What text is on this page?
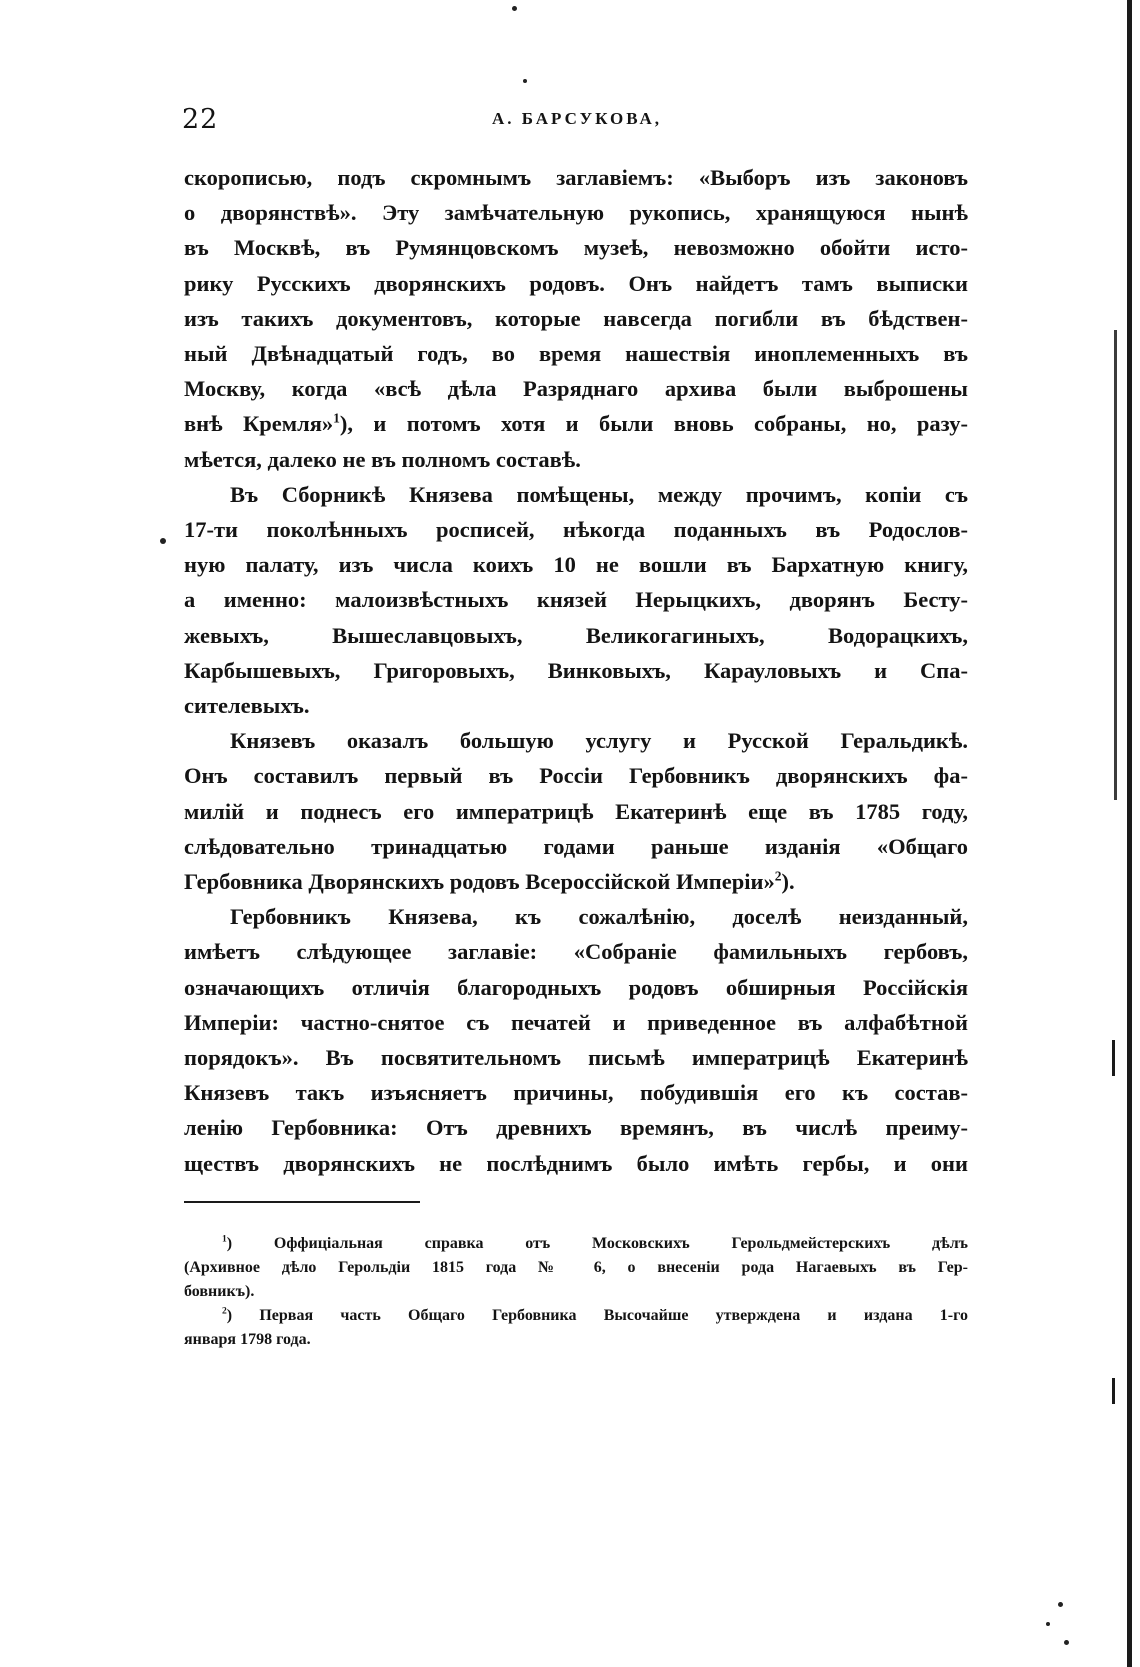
22	А. БАРСУКОВА,
скорописью, подъ скромнымъ заглавіемъ: «Выборъ изъ законовъ
о дворянствѣ». Эту замѣчательную рукопись, хранящуюся нынѣ
въ Москвѣ, въ Румянцовскомъ музеѣ, невозможно обойти исто-
рику Русскихъ дворянскихъ родовъ. Онъ найдетъ тамъ выписки
изъ такихъ документовъ, которые навсегда погибли въ бѣдствен-
ный Двѣнадцатый годъ, во время нашествія иноплеменныхъ въ
Москву, когда «всѣ дѣла Разряднаго архива были выброшены
внѣ Кремля»$^1$), и потомъ хотя и были вновь собраны, но, разу-
мѣется, далеко не въ полномъ составѣ.
Въ Сборникѣ Князева помѣщены, между прочимъ, копіи съ
17-ти поколѣнныхъ росписей, нѣкогда поданныхъ въ Родослов-
ную палату, изъ числа коихъ 10 не вошли въ Бархатную книгу,
а именно: малоизвѣстныхъ князей Нерыцкихъ, дворянъ Бесту-
жевыхъ, Вышеславцовыхъ, Великогагиныхъ, Водорацкихъ,
Карбышевыхъ, Григоровыхъ, Винковыхъ, Карауловыхъ и Спа-
сителевыхъ.
Князевъ оказалъ большую услугу и Русской Геральдикѣ.
Онъ составилъ первый въ Россіи Гербовникъ дворянскихъ фа-
милій и поднесъ его императрицѣ Екатеринѣ еще въ 1785 году,
слѣдовательно тринадцатью годами раньше изданія «Общаго
Гербовника Дворянскихъ родовъ Всероссійской Имперіи»$^2$).
Гербовникъ Князева, къ сожалѣнію, доселѣ неизданный,
имѣетъ слѣдующее заглавіе: «Собраніе фамильныхъ гербовъ,
означающихъ отличія благородныхъ родовъ обширныя Россійскія
Имперіи: частно-снятое съ печатей и приведенное въ алфабѣтной
порядокъ». Въ посвятительномъ письмѣ императрицѣ Екатеринѣ
Князевъ такъ изъясняетъ причины, побудившія его къ состав-
ленію Гербовника: Отъ древнихъ времянъ, въ числѣ преиму-
ществъ дворянскихъ не послѣднимъ было имѣть гербы, и они
$^1$) Оффиціальная справка отъ Московскихъ Герольдмейстерскихъ дѣлъ
(Архивное дѣло Герольдіи 1815 года № 6, о внесеніи рода Нагаевыхъ въ Гер-
бовникъ).
$^2$) Первая часть Общаго Гербовника Высочайше утверждена и издана 1-го
января 1798 года.
